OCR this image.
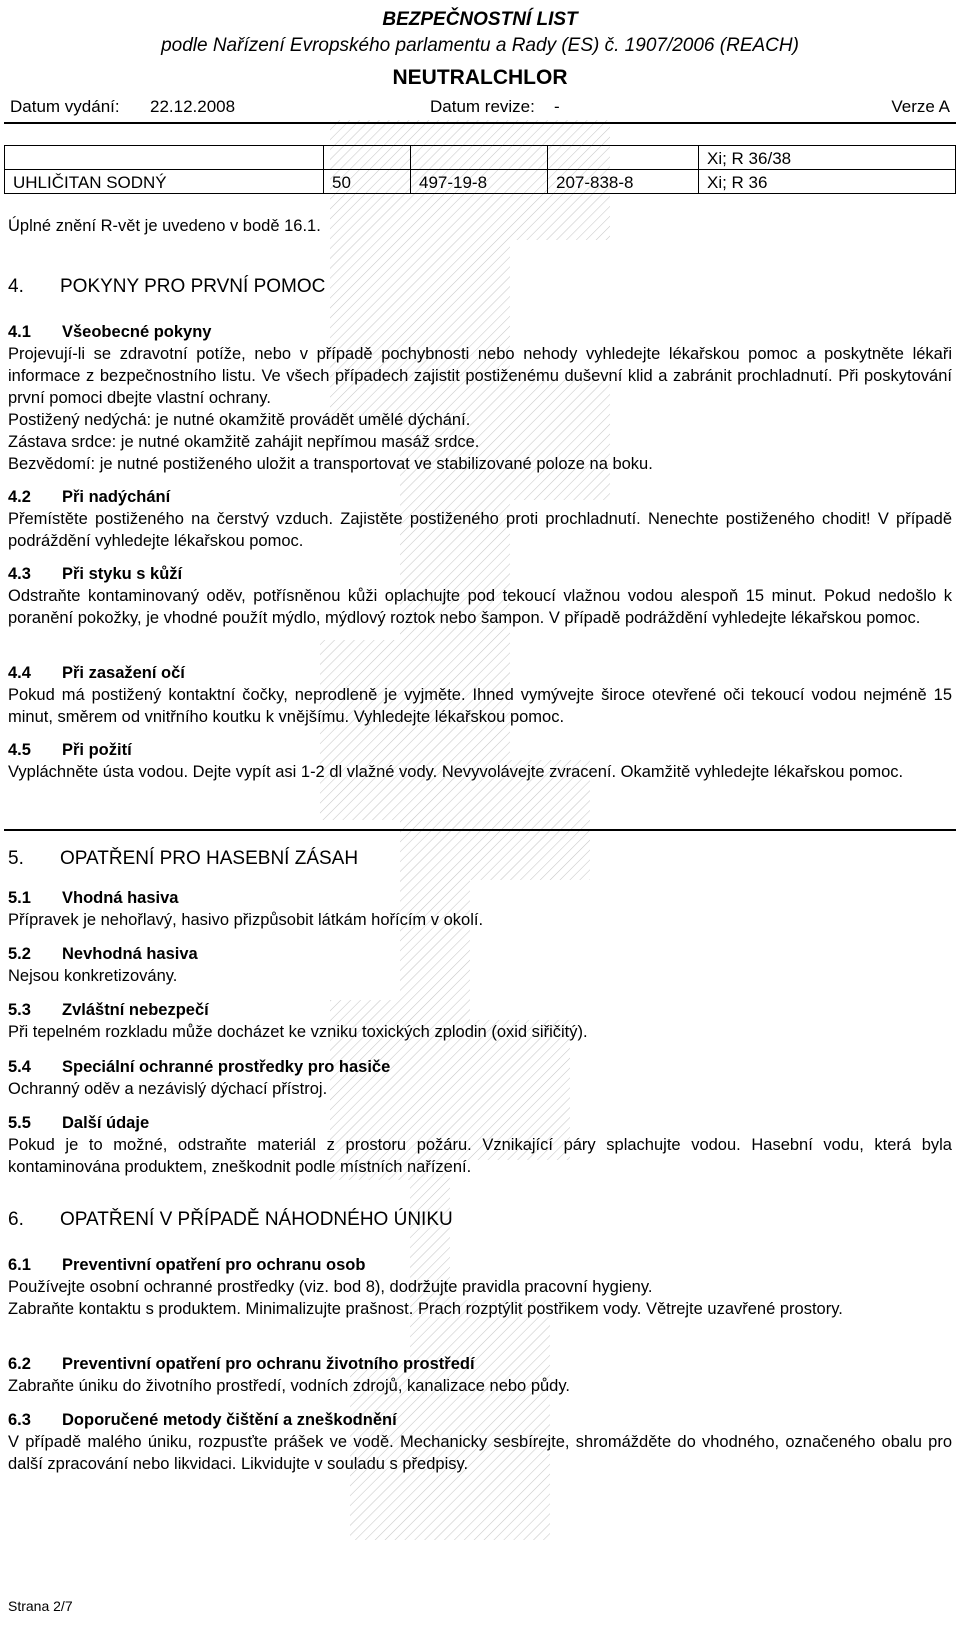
BEZPEČNOSTNÍ LIST
podle Nařízení Evropského parlamentu a Rady (ES) č. 1907/2006 (REACH)
NEUTRALCHLOR
Datum vydání: 22.12.2008	Datum revize: -	Verze A
				Xi; R 36/38
UHLIČITAN SODNÝ	50	497-19-8	207-838-8	Xi; R 36
Úplné znění R-vět je uvedeno v bodě 16.1.
4. POKYNY PRO PRVNÍ POMOC
4.1 Všeobecné pokyny
Projevují-li se zdravotní potíže, nebo v případě pochybnosti nebo nehody vyhledejte lékařskou pomoc a poskytněte lékaři informace z bezpečnostního listu. Ve všech případech zajistit postiženému duševní klid a zabránit prochladnutí. Při poskytování první pomoci dbejte vlastní ochrany.
Postižený nedýchá: je nutné okamžitě provádět umělé dýchání.
Zástava srdce: je nutné okamžitě zahájit nepřímou masáž srdce.
Bezvědomí: je nutné postiženého uložit a transportovat ve stabilizované poloze na boku.
4.2 Při nadýchání
Přemístěte postiženého na čerstvý vzduch. Zajistěte postiženého proti prochladnutí. Nenechte postiženého chodit! V případě podráždění vyhledejte lékařskou pomoc.
4.3 Při styku s kůží
Odstraňte kontaminovaný oděv, potřísněnou kůži oplachujte pod tekoucí vlažnou vodou alespoň 15 minut. Pokud nedošlo k poranění pokožky, je vhodné použít mýdlo, mýdlový roztok nebo šampon. V případě podráždění vyhledejte lékařskou pomoc.
4.4 Při zasažení očí
Pokud má postižený kontaktní čočky, neprodleně je vyjměte. Ihned vymývejte široce otevřené oči tekoucí vodou nejméně 15 minut, směrem od vnitřního koutku k vnějšímu. Vyhledejte lékařskou pomoc.
4.5 Při požití
Vypláchněte ústa vodou. Dejte vypít asi 1-2 dl vlažné vody. Nevyvolávejte zvracení. Okamžitě vyhledejte lékařskou pomoc.
5. OPATŘENÍ PRO HASEBNÍ ZÁSAH
5.1 Vhodná hasiva
Přípravek je nehořlavý, hasivo přizpůsobit látkám hořícím v okolí.
5.2 Nevhodná hasiva
Nejsou konkretizovány.
5.3 Zvláštní nebezpečí
Při tepelném rozkladu může docházet ke vzniku toxických zplodin (oxid siřičitý).
5.4 Speciální ochranné prostředky pro hasiče
Ochranný oděv a nezávislý dýchací přístroj.
5.5 Další údaje
Pokud je to možné, odstraňte materiál z prostoru požáru. Vznikající páry splachujte vodou. Hasební vodu, která byla kontaminována produktem, zneškodnit podle místních nařízení.
6. OPATŘENÍ V PŘÍPADĚ NÁHODNÉHO ÚNIKU
6.1 Preventivní opatření pro ochranu osob
Používejte osobní ochranné prostředky (viz. bod 8), dodržujte pravidla pracovní hygieny.
Zabraňte kontaktu s produktem. Minimalizujte prašnost. Prach rozptýlit postřikem vody. Větrejte uzavřené prostory.
6.2 Preventivní opatření pro ochranu životního prostředí
Zabraňte úniku do životního prostředí, vodních zdrojů, kanalizace nebo půdy.
6.3 Doporučené metody čištění a zneškodnění
V případě malého úniku, rozpusťte prášek ve vodě. Mechanicky sesbírejte, shromážděte do vhodného, označeného obalu pro další zpracování nebo likvidaci. Likvidujte v souladu s předpisy.
Strana 2/7
